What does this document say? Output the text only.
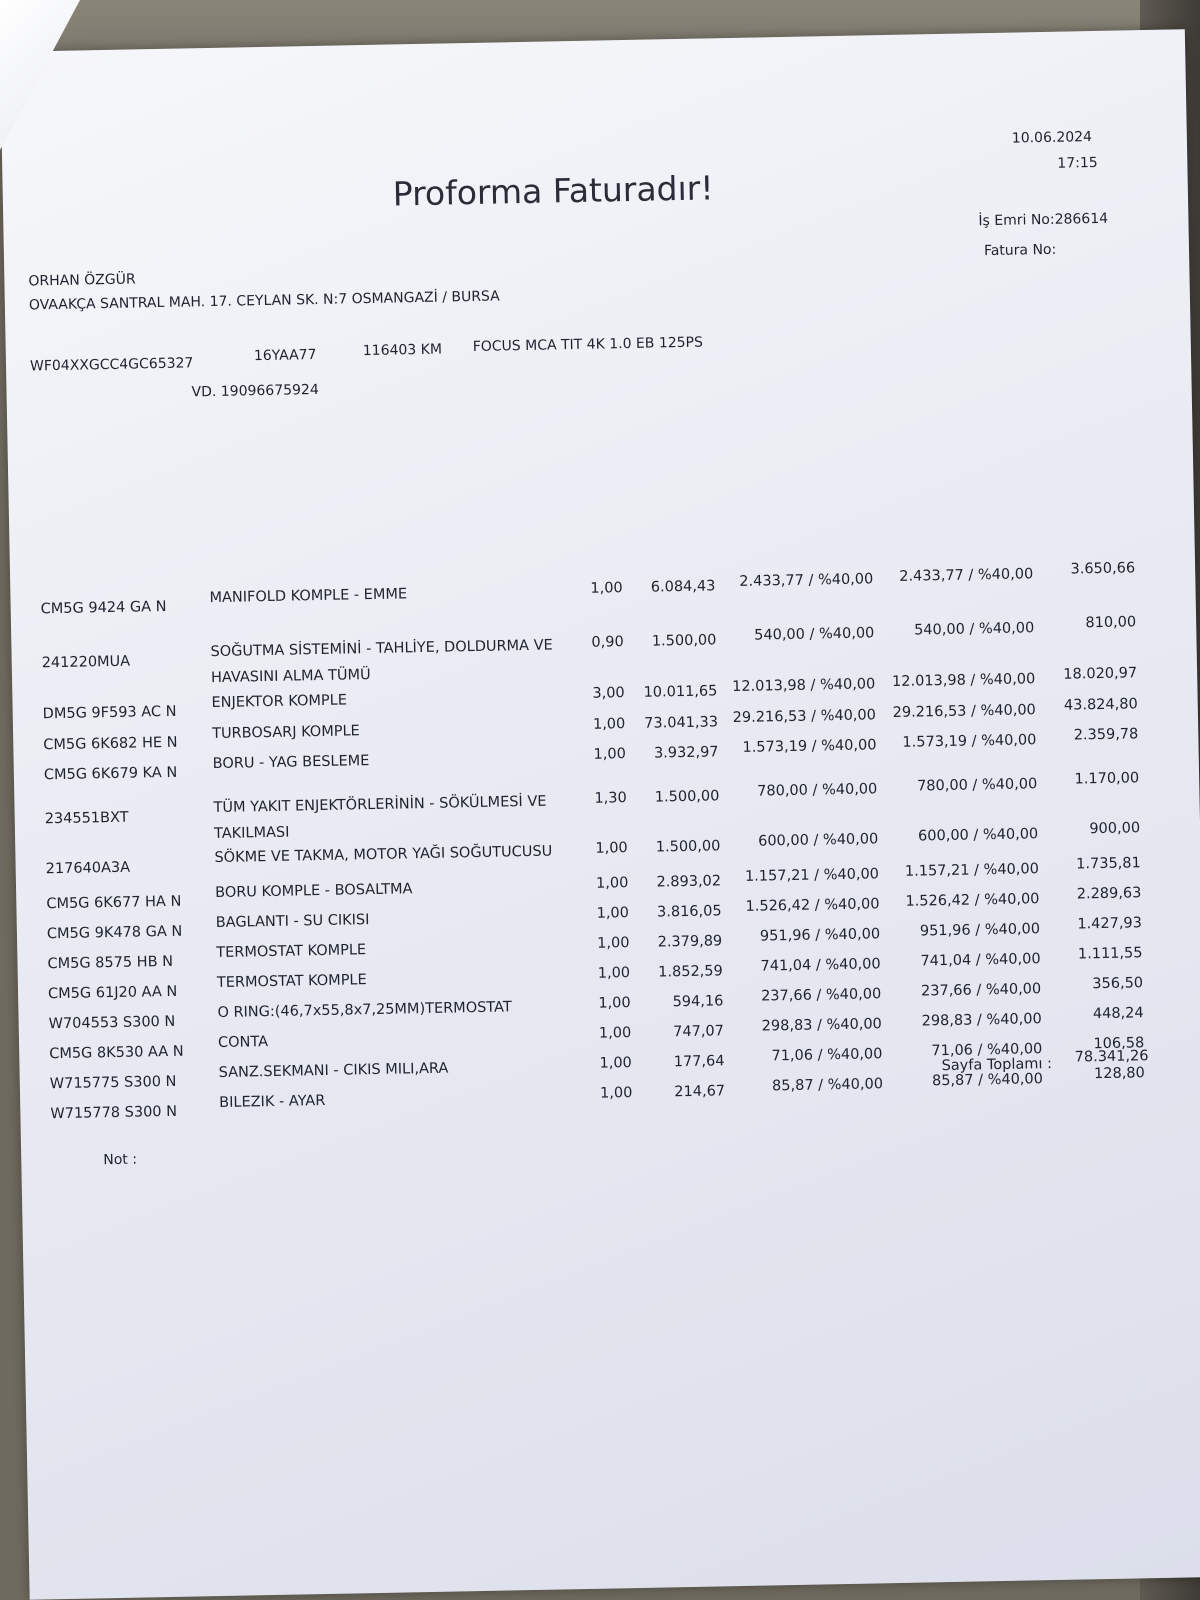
Proforma Faturadır!
10.06.2024
17:15
İş Emri No:286614
Fatura No:
ORHAN ÖZGÜR
OVAAKÇA SANTRAL MAH. 17. CEYLAN SK. N:7 OSMANGAZİ / BURSA
WF04XXGCC4GC65327	16YAA77	116403 KM FOCUS MCA TIT 4K 1.0 EB 125PS
VD. 19096675924
CM5G 9424 GA N
MANIFOLD KOMPLE - EMME	1,00	6.084,43	2.433,77 / %40,00	2.433,77 / %40,00	3.650,66
241220MUA
SOĞUTMA SİSTEMİNİ - TAHLİYE, DOLDURMA VE
HAVASINI ALMA TÜMÜ
0,90	1.500,00	540,00 / %40,00	540,00 / %40,00	810,00
DM5G 9F593 AC N
ENJEKTOR KOMPLE	3,00	10.011,65 12.013,98 / %40,00	12.013,98 / %40,00	18.020,97
CM5G 6K682 HE N
TURBOSARJ KOMPLE	1,00	73.041,33 29.216,53 / %40,00	29.216,53 / %40,00	43.824,80
CM5G 6K679 KA N
BORU - YAG BESLEME	1,00	3.932,97	1.573,19 / %40,00	1.573,19 / %40,00	2.359,78
234551BXT
TÜM YAKIT ENJEKTÖRLERİNİN - SÖKÜLMESİ VE
TAKILMASI
1,30	1.500,00	780,00 / %40,00	780,00 / %40,00	1.170,00
217640A3A
SÖKME VE TAKMA, MOTOR YAĞI SOĞUTUCUSU	1,00	1.500,00	600,00 / %40,00	600,00 / %40,00	900,00
CM5G 6K677 HA N
BORU KOMPLE - BOSALTMA	1,00	2.893,02	1.157,21 / %40,00	1.157,21 / %40,00	1.735,81
CM5G 9K478 GA N
BAGLANTI - SU CIKISI	1,00	3.816,05	1.526,42 / %40,00	1.526,42 / %40,00	2.289,63
CM5G 8575 HB N
TERMOSTAT KOMPLE	1,00	2.379,89	951,96 / %40,00	951,96 / %40,00	1.427,93
CM5G 61J20 AA N
TERMOSTAT KOMPLE	1,00	1.852,59	741,04 / %40,00	741,04 / %40,00	1.111,55
W704553 S300 N
O RING:(46,7x55,8x7,25MM)TERMOSTAT	1,00	594,16	237,66 / %40,00	237,66 / %40,00	356,50
CM5G 8K530 AA N
CONTA
1,00	747,07	298,83 / %40,00	298,83 / %40,00	448,24
W715775 S300 N
SANZ.SEKMANI - CIKIS MILI,ARA	1,00	177,64	71,06 / %40,00	71,06 / %40,00	106,58
W715778 S300 N
BILEZIK - AYAR	1,00	214,67	85,87 / %40,00	85,87 / %40,00	128,80
Sayfa Toplamı :	78.341,26
Not :
